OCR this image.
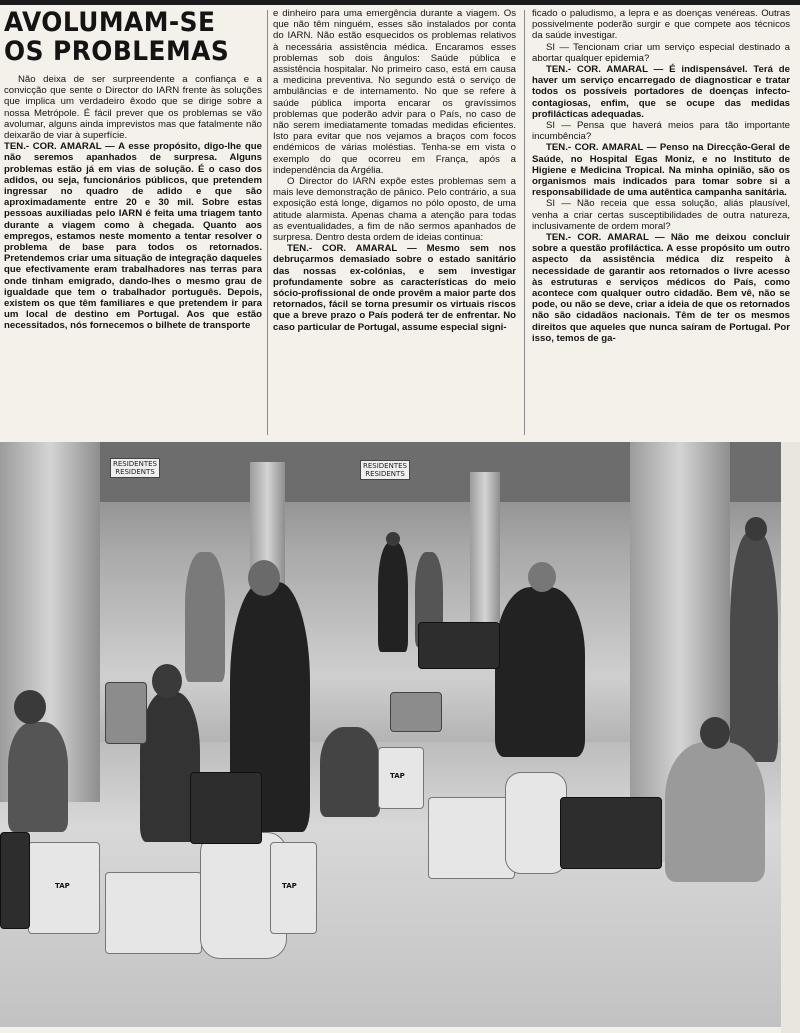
AVOLUMAM-SE
OS PROBLEMAS

Não deixa de ser surpreendente a confiança e a convicção que sente o Director do IARN frente às soluções que implica um verdadeiro êxodo que se dirige sobre a nossa Metrópole. É fácil prever que os problemas se vão avolumar, alguns ainda imprevistos mas que fatalmente não deixarão de viar à superfície.

TEN.- COR. AMARAL — A esse propósito, digo-lhe que não seremos apanhados de surpresa. Alguns problemas estão já em vias de solução. É o caso dos adidos, ou seja, funcionários públicos, que pretendem ingressar no quadro de adido e que são aproximadamente entre 20 e 30 mil. Sobre estas pessoas auxiliadas pelo IARN é feita uma triagem tanto durante a viagem como à chegada. Quanto aos empregos, estamos neste momento a tentar resolver o problema de base para todos os retornados. Pretendemos criar uma situação de integração daqueles que efectivamente eram trabalhadores nas terras para onde tinham emigrado, dando-lhes o mesmo grau de igualdade que tem o trabalhador português. Depois, existem os que têm familiares e que pretendem ir para um local de destino em Portugal. Aos que estão necessitados, nós fornecemos o bilhete de transporte

e dinheiro para uma emergência durante a viagem. Os que não têm ninguém, esses são instalados por conta do IARN. Não estão esquecidos os problemas relativos à necessária assistência médica. Encaramos esses problemas sob dois ângulos: Saúde pública e assistência hospitalar. No primeiro caso, está em causa a medicina preventiva. No segundo está o serviço de ambulâncias e de internamento. No que se refere à saúde pública importa encarar os gravíssimos problemas que poderão advir para o País, no caso de não serem imediatamente tomadas medidas eficientes. Isto para evitar que nos vejamos a braços com focos endémicos de várias moléstias. Tenha-se em vista o exemplo do que ocorreu em França, após a independência da Argélia.

O Director do IARN expõe estes problemas sem a mais leve demonstração de pânico. Pelo contrário, a sua exposição está longe, digamos no pólo oposto, de uma atitude alarmista. Apenas chama a atenção para todas as eventualidades, a fim de não sermos apanhados de surpresa. Dentro desta ordem de ideias continua:

TEN.- COR. AMARAL — Mesmo sem nos debruçarmos demasiado sobre o estado sanitário das nossas ex-colónias, e sem investigar profundamente sobre as características do meio sócio-profissional de onde provêm a maior parte dos retornados, fácil se torna presumir os virtuais riscos que a breve prazo o País poderá ter de enfrentar. No caso particular de Portugal, assume especial signi-

ficado o paludismo, a lepra e as doenças venéreas. Outras possivelmente poderão surgir e que compete aos técnicos da saúde investigar.

SI — Tencionam criar um serviço especial destinado a abortar qualquer epidemia?

TEN.- COR. AMARAL — É indispensável. Terá de haver um serviço encarregado de diagnosticar e tratar todos os possíveis portadores de doenças infecto-contagiosas, enfim, que se ocupe das medidas profilácticas adequadas.

SI — Pensa que haverá meios para tão importante incumbência?

TEN.- COR. AMARAL — Penso na Direcção-Geral de Saúde, no Hospital Egas Moniz, e no Instituto de Higiene e Medicina Tropical. Na minha opinião, são os organismos mais indicados para tomar sobre si a responsabilidade de uma autêntica campanha sanitária.

SI — Não receia que essa solução, aliás plausível, venha a criar certas susceptibilidades de outra natureza, inclusivamente de ordem moral?

TEN.- COR. AMARAL — Não me deixou concluir sobre a questão profiláctica. A esse propósito um outro aspecto da assistência médica diz respeito à necessidade de garantir aos retornados o livre acesso às estruturas e serviços médicos do País, como acontece com qualquer outro cidadão. Bem vê, não se pode, ou não se deve, criar a ideia de que os retornados não são cidadãos nacionais. Têm de ter os mesmos direitos que aqueles que nunca saíram de Portugal. Por isso, temos de ga-

RESIDENTES
RESIDENTS
RESIDENTES
RESIDENTS
TAP	TAP
TAP
